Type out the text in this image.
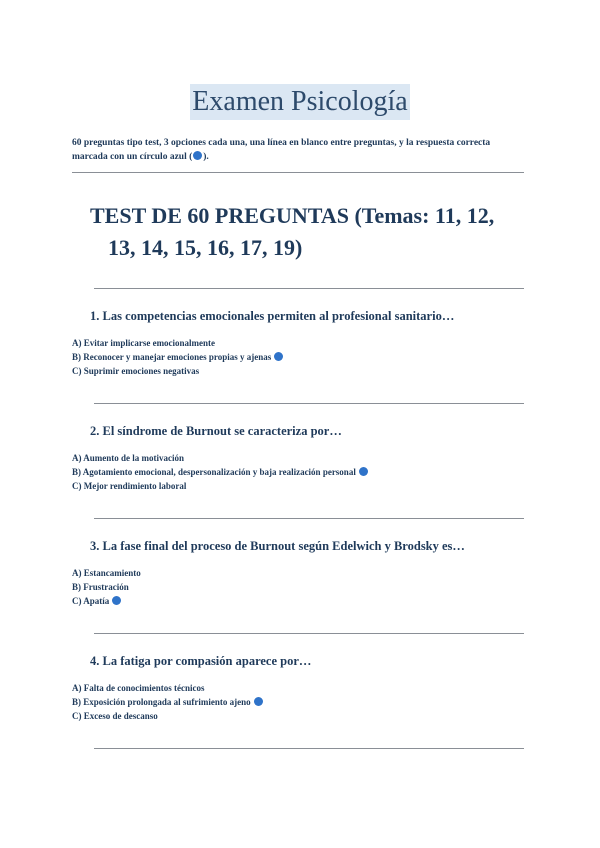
Examen Psicología
60 preguntas tipo test, 3 opciones cada una, una línea en blanco entre preguntas, y la respuesta correcta marcada con un círculo azul ( ).
TEST DE 60 PREGUNTAS (Temas: 11, 12,
13, 14, 15, 16, 17, 19)
1. Las competencias emocionales permiten al profesional sanitario…
A) Evitar implicarse emocionalmente
B) Reconocer y manejar emociones propias y ajenas
C) Suprimir emociones negativas
2. El síndrome de Burnout se caracteriza por…
A) Aumento de la motivación
B) Agotamiento emocional, despersonalización y baja realización personal
C) Mejor rendimiento laboral
3. La fase final del proceso de Burnout según Edelwich y Brodsky es…
A) Estancamiento
B) Frustración
C) Apatía
4. La fatiga por compasión aparece por…
A) Falta de conocimientos técnicos
B) Exposición prolongada al sufrimiento ajeno
C) Exceso de descanso
